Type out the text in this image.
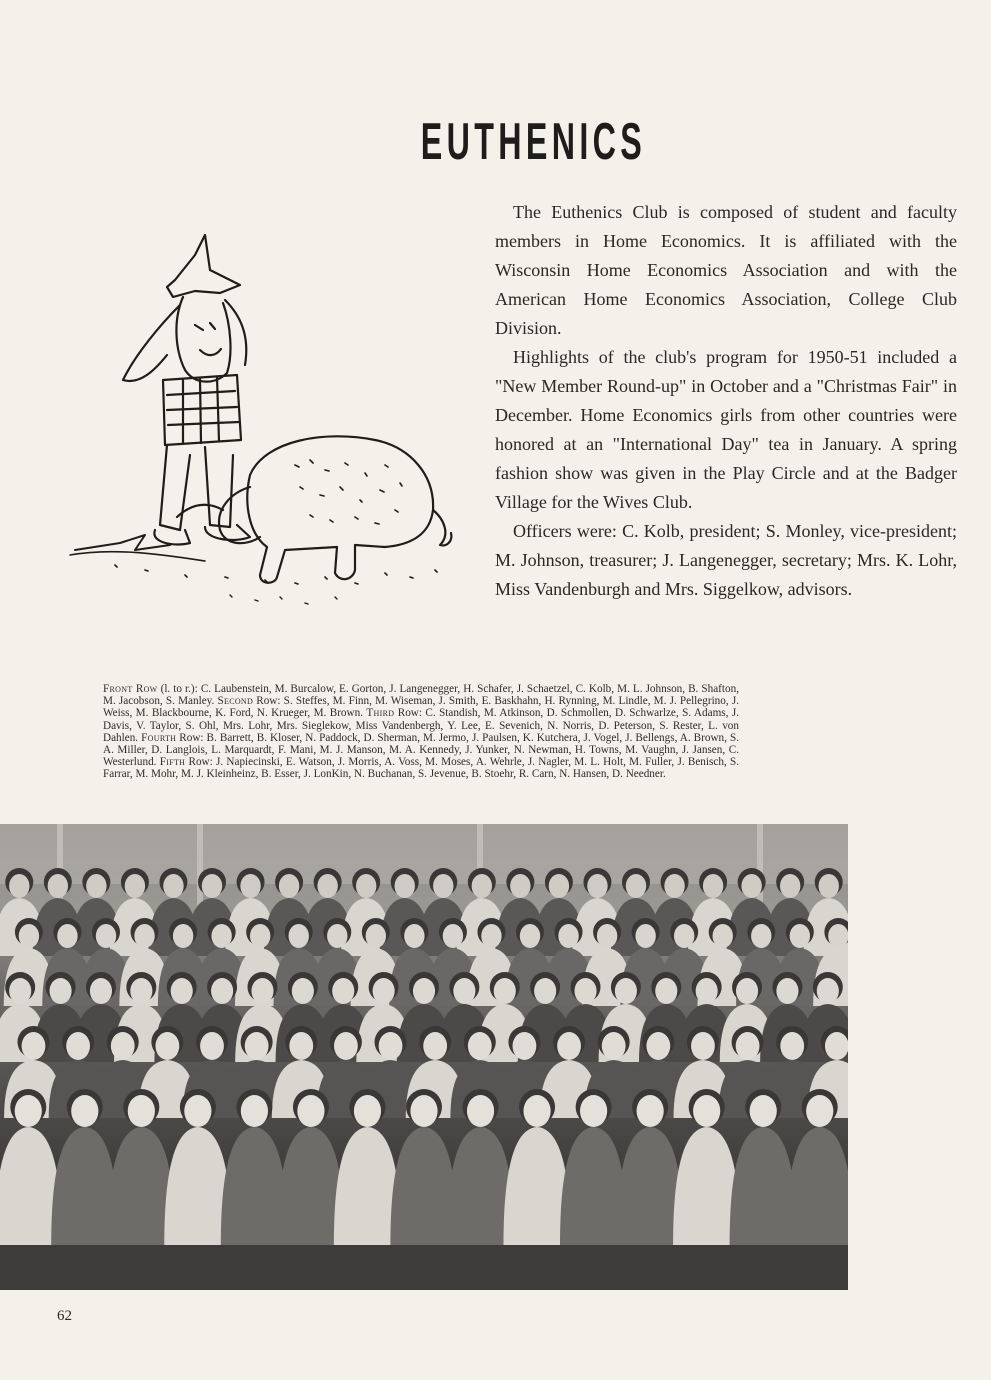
EUTHENICS

The Euthenics Club is composed of student and faculty members in Home Economics. It is affiliated with the Wisconsin Home Economics Association and with the American Home Economics Association, College Club Division.

Highlights of the club's program for 1950-51 included a "New Member Round-up" in October and a "Christmas Fair" in December. Home Economics girls from other countries were honored at an "International Day" tea in January. A spring fashion show was given in the Play Circle and at the Badger Village for the Wives Club.

Officers were: C. Kolb, president; S. Monley, vice-president; M. Johnson, treasurer; J. Langenegger, secretary; Mrs. K. Lohr, Miss Vandenburgh and Mrs. Siggelkow, advisors.

Front Row (l. to r.): C. Laubenstein, M. Burcalow, E. Gorton, J. Langenegger, H. Schafer, J. Schaetzel, C. Kolb, M. L. Johnson, B. Shafton, M. Jacobson, S. Manley. Second Row: S. Steffes, M. Finn, M. Wiseman, J. Smith, E. Baskhahn, H. Rynning, M. Lindle, M. J. Pellegrino, J. Weiss, M. Blackbourne, K. Ford, N. Krueger, M. Brown. Third Row: C. Standish, M. Atkinson, D. Schmollen, D. Schwarlze, S. Adams, J. Davis, V. Taylor, S. Ohl, Mrs. Lohr, Mrs. Sieglekow, Miss Vandenbergh, Y. Lee, E. Sevenich, N. Norris, D. Peterson, S. Rester, L. von Dahlen. Fourth Row: B. Barrett, B. Kloser, N. Paddock, D. Sherman, M. Jermo, J. Paulsen, K. Kutchera, J. Vogel, J. Bellengs, A. Brown, S. A. Miller, D. Langlois, L. Marquardt, F. Mani, M. J. Manson, M. A. Kennedy, J. Yunker, N. Newman, H. Towns, M. Vaughn, J. Jansen, C. Westerlund. Fifth Row: J. Napiecinski, E. Watson, J. Morris, A. Voss, M. Moses, A. Wehrle, J. Nagler, M. L. Holt, M. Fuller, J. Benisch, S. Farrar, M. Mohr, M. J. Kleinheinz, B. Esser, J. LonKin, N. Buchanan, S. Jevenue, B. Stoehr, R. Carn, N. Hansen, D. Needner.
62
